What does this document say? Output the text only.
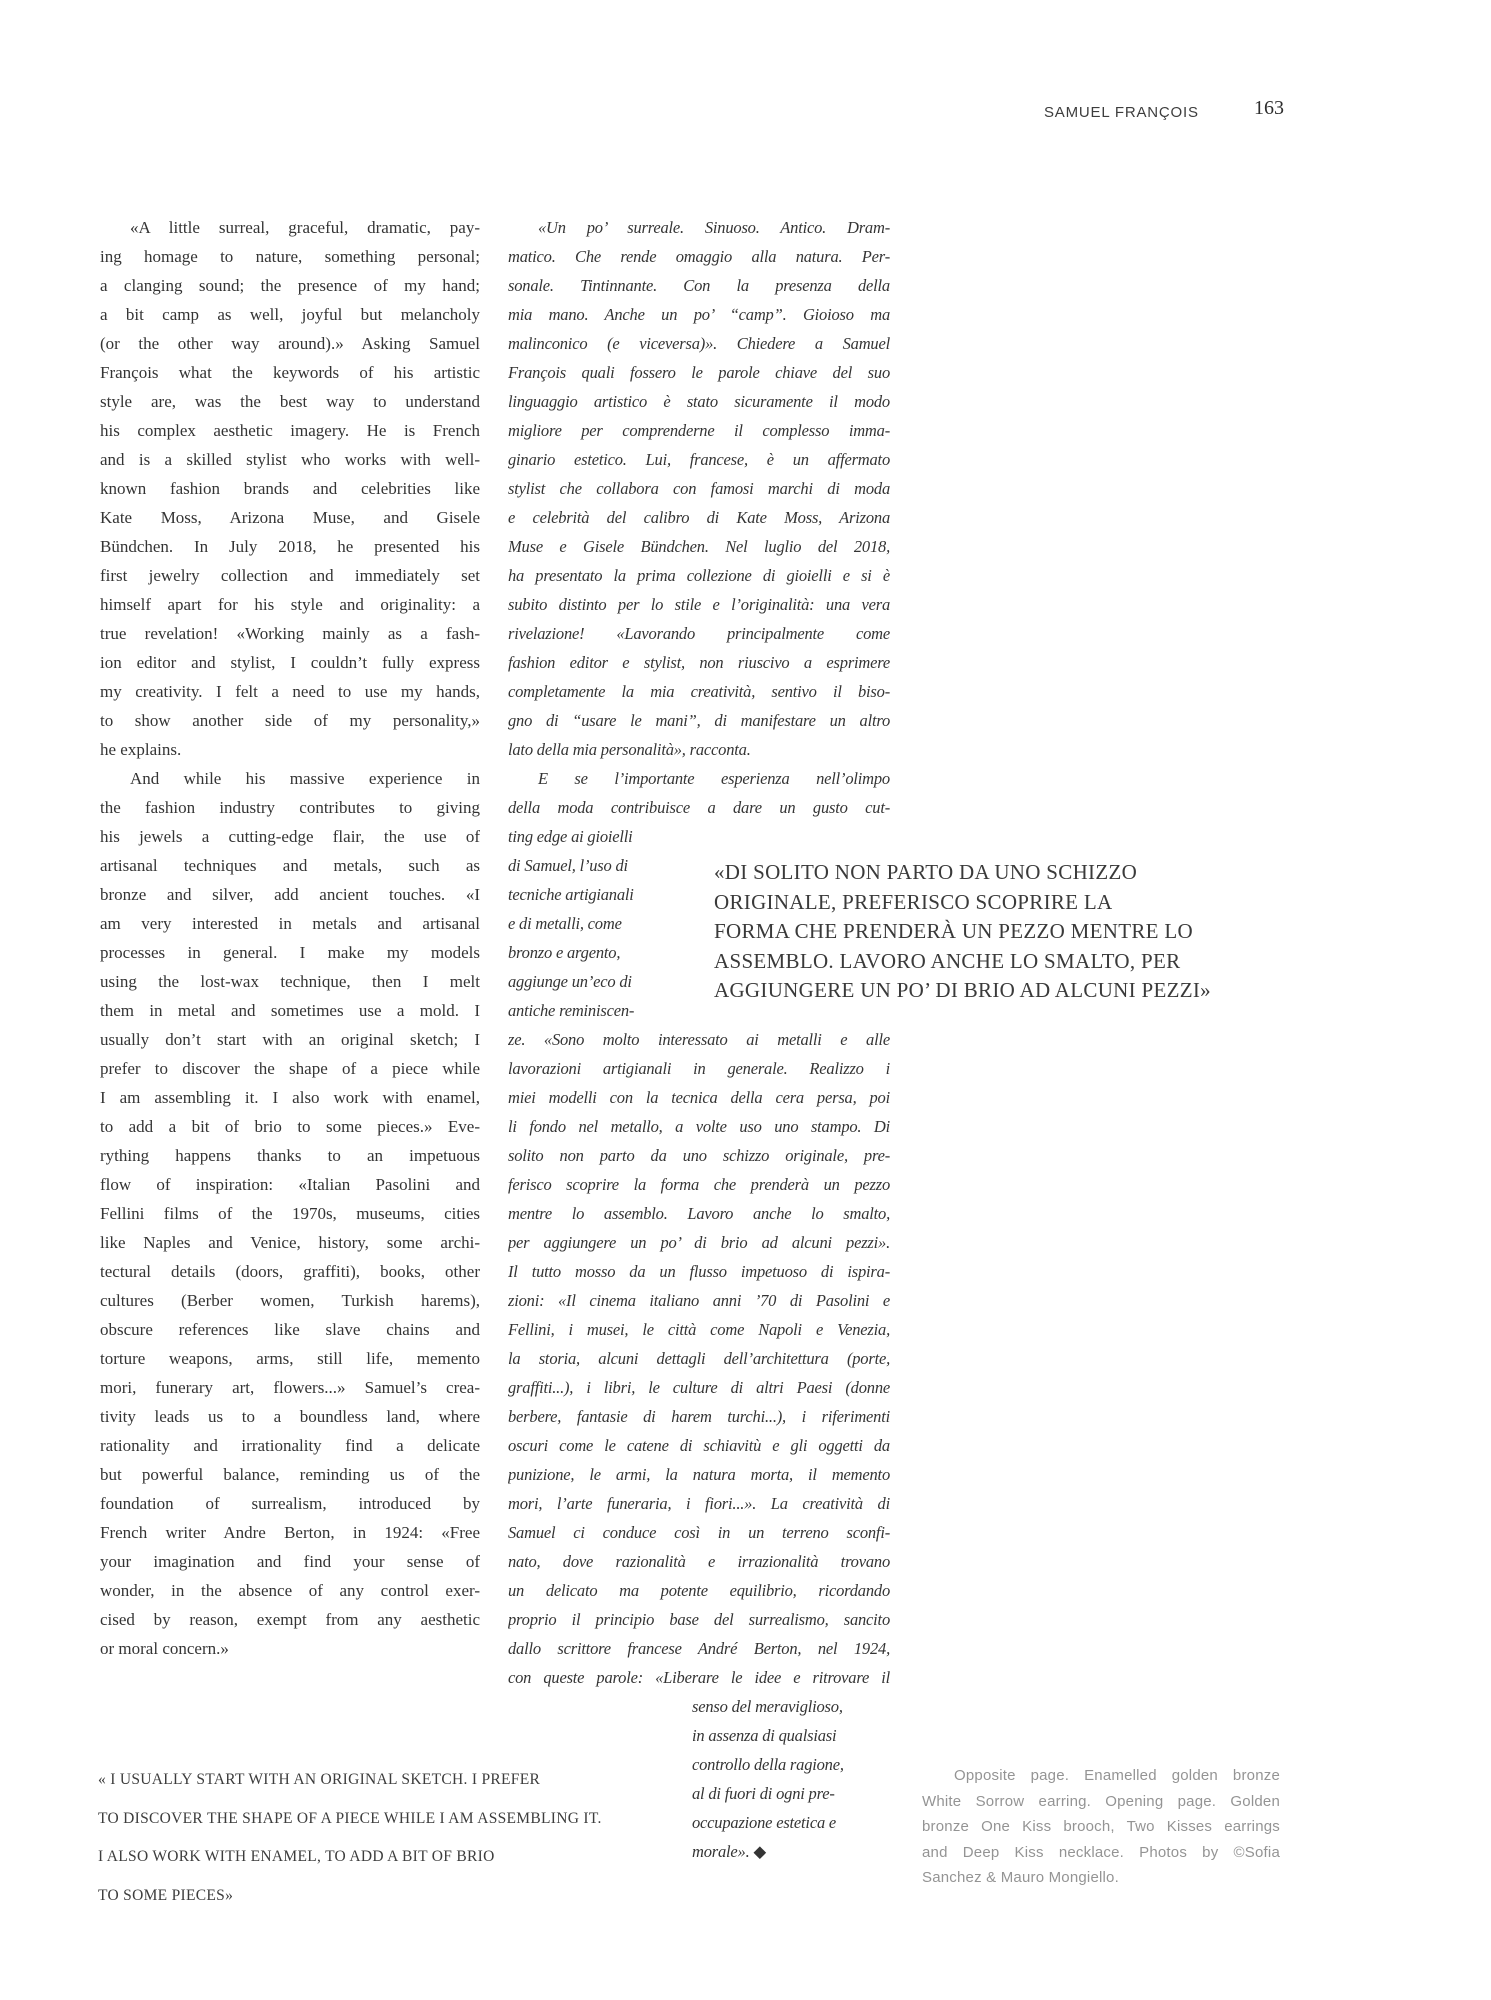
SAMUEL FRANÇOIS	163
«A little surreal, graceful, dramatic, pay-
ing homage to nature, something personal;
a clanging sound; the presence of my hand;
a bit camp as well, joyful but melancholy
(or the other way around).» Asking Samuel
François what the keywords of his artistic
style are, was the best way to understand
his complex aesthetic imagery. He is French
and is a skilled stylist who works with well-
known fashion brands and celebrities like
Kate Moss, Arizona Muse, and Gisele
Bündchen. In July 2018, he presented his
first jewelry collection and immediately set
himself apart for his style and originality: a
true revelation! «Working mainly as a fash-
ion editor and stylist, I couldn’t fully express
my creativity. I felt a need to use my hands,
to show another side of my personality,»
he explains.
And while his massive experience in
the fashion industry contributes to giving
his jewels a cutting-edge flair, the use of
artisanal techniques and metals, such as
bronze and silver, add ancient touches. «I
am very interested in metals and artisanal
processes in general. I make my models
using the lost-wax technique, then I melt
them in metal and sometimes use a mold. I
usually don’t start with an original sketch; I
prefer to discover the shape of a piece while
I am assembling it. I also work with enamel,
to add a bit of brio to some pieces.» Eve-
rything happens thanks to an impetuous
flow of inspiration: «Italian Pasolini and
Fellini films of the 1970s, museums, cities
like Naples and Venice, history, some archi-
tectural details (doors, graffiti), books, other
cultures (Berber women, Turkish harems),
obscure references like slave chains and
torture weapons, arms, still life, memento
mori, funerary art, flowers...» Samuel’s crea-
tivity leads us to a boundless land, where
rationality and irrationality find a delicate
but powerful balance, reminding us of the
foundation of surrealism, introduced by
French writer Andre Berton, in 1924: «Free
your imagination and find your sense of
wonder, in the absence of any control exer-
cised by reason, exempt from any aesthetic
or moral concern.»
«Un po’ surreale. Sinuoso. Antico. Dram-
matico. Che rende omaggio alla natura. Per-
sonale. Tintinnante. Con la presenza della
mia mano. Anche un po’ “camp”. Gioioso ma
malinconico (e viceversa)». Chiedere a Samuel
François quali fossero le parole chiave del suo
linguaggio artistico è stato sicuramente il modo
migliore per comprenderne il complesso imma-
ginario estetico. Lui, francese, è un affermato
stylist che collabora con famosi marchi di moda
e celebrità del calibro di Kate Moss, Arizona
Muse e Gisele Bündchen. Nel luglio del 2018,
ha presentato la prima collezione di gioielli e si è
subito distinto per lo stile e l’originalità: una vera
rivelazione! «Lavorando principalmente come
fashion editor e stylist, non riuscivo a esprimere
completamente la mia creatività, sentivo il biso-
gno di “usare le mani”, di manifestare un altro
lato della mia personalità», racconta.
E se l’importante esperienza nell’olimpo
della moda contribuisce a dare un gusto cut-
ting edge ai gioielli
di Samuel, l’uso di
tecniche artigianali
e di metalli, come
bronzo e argento,
aggiunge un’eco di
antiche reminiscen-
ze. «Sono molto interessato ai metalli e alle
lavorazioni artigianali in generale. Realizzo i
miei modelli con la tecnica della cera persa, poi
li fondo nel metallo, a volte uso uno stampo. Di
solito non parto da uno schizzo originale, pre-
ferisco scoprire la forma che prenderà un pezzo
mentre lo assemblo. Lavoro anche lo smalto,
per aggiungere un po’ di brio ad alcuni pezzi».
Il tutto mosso da un flusso impetuoso di ispira-
zioni: «Il cinema italiano anni ’70 di Pasolini e
Fellini, i musei, le città come Napoli e Venezia,
la storia, alcuni dettagli dell’architettura (porte,
graffiti...), i libri, le culture di altri Paesi (donne
berbere, fantasie di harem turchi...), i riferimenti
oscuri come le catene di schiavitù e gli oggetti da
punizione, le armi, la natura morta, il memento
mori, l’arte funeraria, i fiori...». La creatività di
Samuel ci conduce così in un terreno sconfi-
nato, dove razionalità e irrazionalità trovano
un delicato ma potente equilibrio, ricordando
proprio il principio base del surrealismo, sancito
dallo scrittore francese André Berton, nel 1924,
con queste parole: «Liberare le idee e ritrovare il
senso del meraviglioso,
in assenza di qualsiasi
controllo della ragione,
al di fuori di ogni pre-
occupazione estetica e
morale». ◆
«DI SOLITO NON PARTO DA UNO SCHIZZO
ORIGINALE, PREFERISCO SCOPRIRE LA
FORMA CHE PRENDERÀ UN PEZZO MENTRE LO
ASSEMBLO. LAVORO ANCHE LO SMALTO, PER
AGGIUNGERE UN PO’ DI BRIO AD ALCUNI PEZZI»
« I USUALLY START WITH AN ORIGINAL SKETCH. I PREFER
TO DISCOVER THE SHAPE OF A PIECE WHILE I AM ASSEMBLING IT.
I ALSO WORK WITH ENAMEL, TO ADD A BIT OF BRIO
TO SOME PIECES»
Opposite page. Enamelled golden bronze
White Sorrow earring. Opening page. Golden
bronze One Kiss brooch, Two Kisses earrings
and Deep Kiss necklace. Photos by ©Sofia
Sanchez & Mauro Mongiello.
